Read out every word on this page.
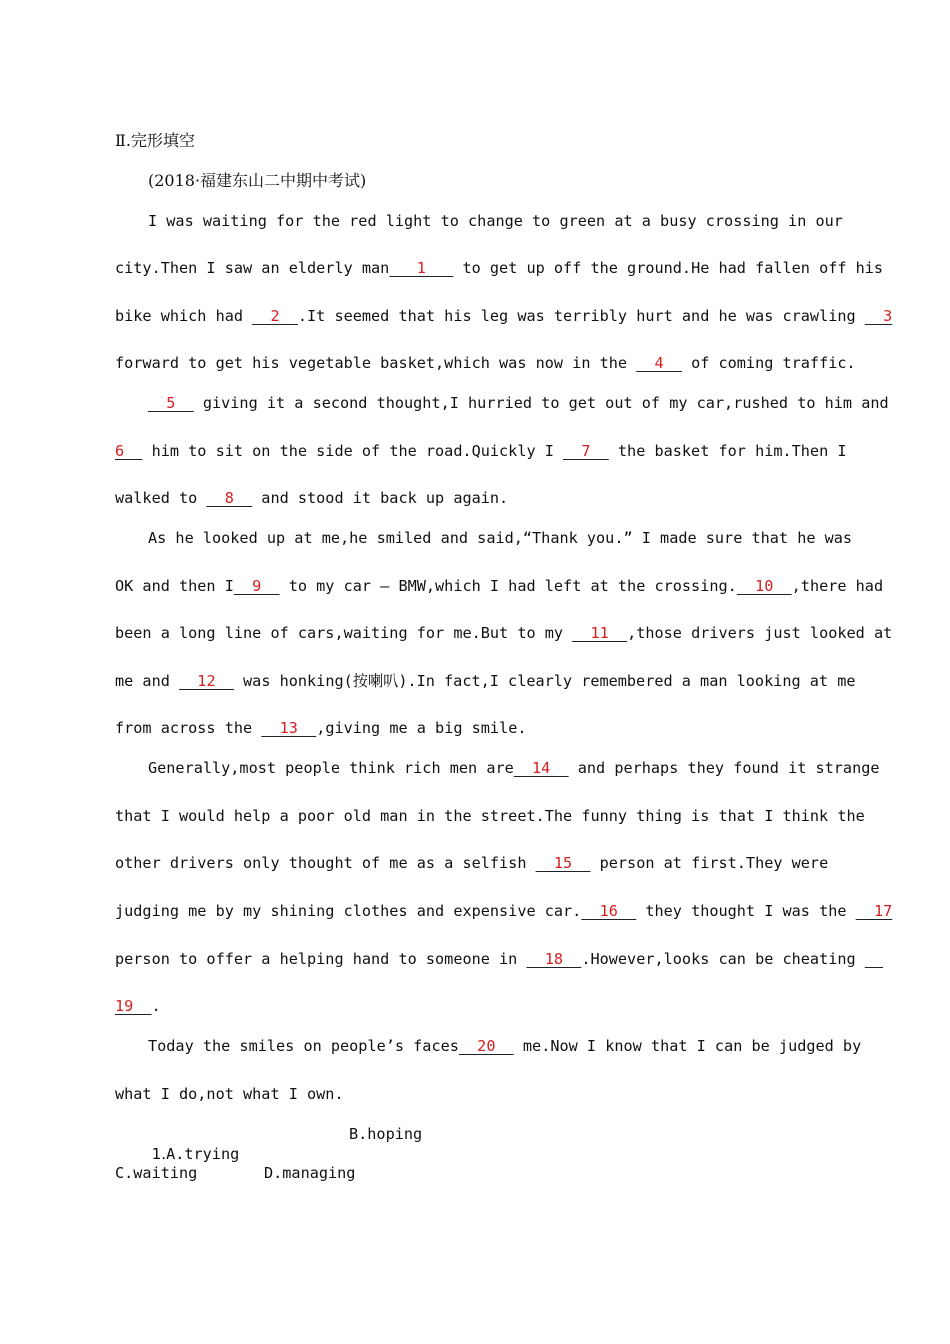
Ⅱ.完形填空
(2018·福建东山二中期中考试)
I was waiting for the red light to change to green at a busy crossing in our
city.Then I saw an elderly man   1    to get up off the ground.He had fallen off his
bike which had   2  .It seemed that his leg was terribly hurt and he was crawling   3
forward to get his vegetable basket,which was now in the   4   of coming traffic.
5   giving it a second thought,I hurried to get out of my car,rushed to him and
6   him to sit on the side of the road.Quickly I   7   the basket for him.Then I
walked to   8   and stood it back up again.
As he looked up at me,he smiled and said,“Thank you.” I made sure that he was
OK and then I  9   to my car — BMW,which I had left at the crossing.  10  ,there had
been a long line of cars,waiting for me.But to my   11  ,those drivers just looked at
me and   12   was honking(按喇叭).In fact,I clearly remembered a man looking at me
from across the   13  ,giving me a big smile.
Generally,most people think rich men are  14   and perhaps they found it strange
that I would help a poor old man in the street.The funny thing is that I think the
other drivers only thought of me as a selfish   15   person at first.They were
judging me by my shining clothes and expensive car.  16   they thought I was the   17
person to offer a helping hand to someone in   18  .However,looks can be cheating
19  .
Today the smiles on people’s faces  20   me.Now I know that I can be judged by
what I do,not what I own.

1.A.trying

B.hoping
C.waiting	D.managing
